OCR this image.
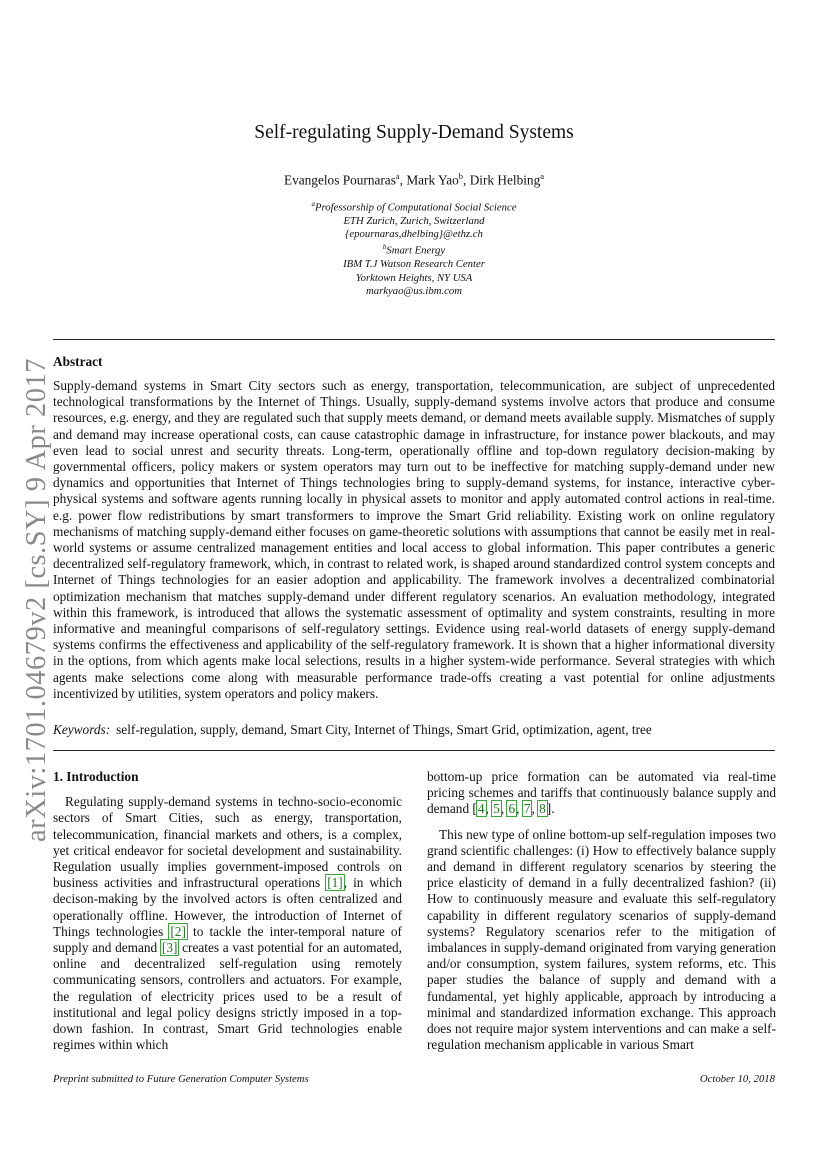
arXiv:1701.04679v2 [cs.SY] 9 Apr 2017
Self-regulating Supply-Demand Systems
Evangelos Pournaras$^a$, Mark Yao$^b$, Dirk Helbing$^a$
$^a$Professorship of Computational Social Science
ETH Zurich, Zurich, Switzerland
{epournaras,dhelbing}@ethz.ch
$^b$Smart Energy
IBM T.J Watson Research Center
Yorktown Heights, NY USA
markyao@us.ibm.com
Abstract
Supply-demand systems in Smart City sectors such as energy, transportation, telecommunication, are subject of unprecedented technological transformations by the Internet of Things. Usually, supply-demand systems involve actors that produce and consume resources, e.g. energy, and they are regulated such that supply meets demand, or demand meets available supply. Mismatches of supply and demand may increase operational costs, can cause catastrophic damage in infrastructure, for instance power blackouts, and may even lead to social unrest and security threats. Long-term, operationally offline and top-down regulatory decision-making by governmental officers, policy makers or system operators may turn out to be ineffective for matching supply-demand under new dynamics and opportunities that Internet of Things technologies bring to supply-demand systems, for instance, interactive cyber-physical systems and software agents running locally in physical assets to monitor and apply automated control actions in real-time. e.g. power flow redistributions by smart transformers to improve the Smart Grid reliability. Existing work on online regulatory mechanisms of matching supply-demand either focuses on game-theoretic solutions with assumptions that cannot be easily met in real-world systems or assume centralized management entities and local access to global information. This paper contributes a generic decentralized self-regulatory framework, which, in contrast to related work, is shaped around standardized control system concepts and Internet of Things technologies for an easier adoption and applicability. The framework involves a decentralized combinatorial optimization mechanism that matches supply-demand under different regulatory scenarios. An evaluation methodology, integrated within this framework, is introduced that allows the systematic assessment of optimality and system constraints, resulting in more informative and meaningful comparisons of self-regulatory settings. Evidence using real-world datasets of energy supply-demand systems confirms the effectiveness and applicability of the self-regulatory framework. It is shown that a higher informational diversity in the options, from which agents make local selections, results in a higher system-wide performance. Several strategies with which agents make selections come along with measurable performance trade-offs creating a vast potential for online adjustments incentivized by utilities, system operators and policy makers.
Keywords: self-regulation, supply, demand, Smart City, Internet of Things, Smart Grid, optimization, agent, tree
1. Introduction

Regulating supply-demand systems in techno-socio-economic sectors of Smart Cities, such as energy, transportation, telecommunication, financial markets and others, is a complex, yet critical endeavor for societal development and sustainability. Regulation usually implies government-imposed controls on business activities and infrastructural operations [1], in which decison-making by the involved actors is often centralized and operationally offline. However, the introduction of Internet of Things technologies [2] to tackle the inter-temporal nature of supply and demand [3] creates a vast potential for an automated, online and decentralized self-regulation using remotely communicating sensors, controllers and actuators. For example, the regulation of electricity prices used to be a result of institutional and legal policy designs strictly imposed in a top-down fashion. In contrast, Smart Grid technologies enable regimes within which

bottom-up price formation can be automated via real-time pricing schemes and tariffs that continuously balance supply and demand [4, 5, 6, 7, 8].

This new type of online bottom-up self-regulation imposes two grand scientific challenges: (i) How to effectively balance supply and demand in different regulatory scenarios by steering the price elasticity of demand in a fully decentralized fashion? (ii) How to continuously measure and evaluate this self-regulatory capability in different regulatory scenarios of supply-demand systems? Regulatory scenarios refer to the mitigation of imbalances in supply-demand originated from varying generation and/or consumption, system failures, system reforms, etc. This paper studies the balance of supply and demand with a fundamental, yet highly applicable, approach by introducing a minimal and standardized information exchange. This approach does not require major system interventions and can make a self-regulation mechanism applicable in various Smart

Preprint submitted to Future Generation Computer Systems	October 10, 2018
